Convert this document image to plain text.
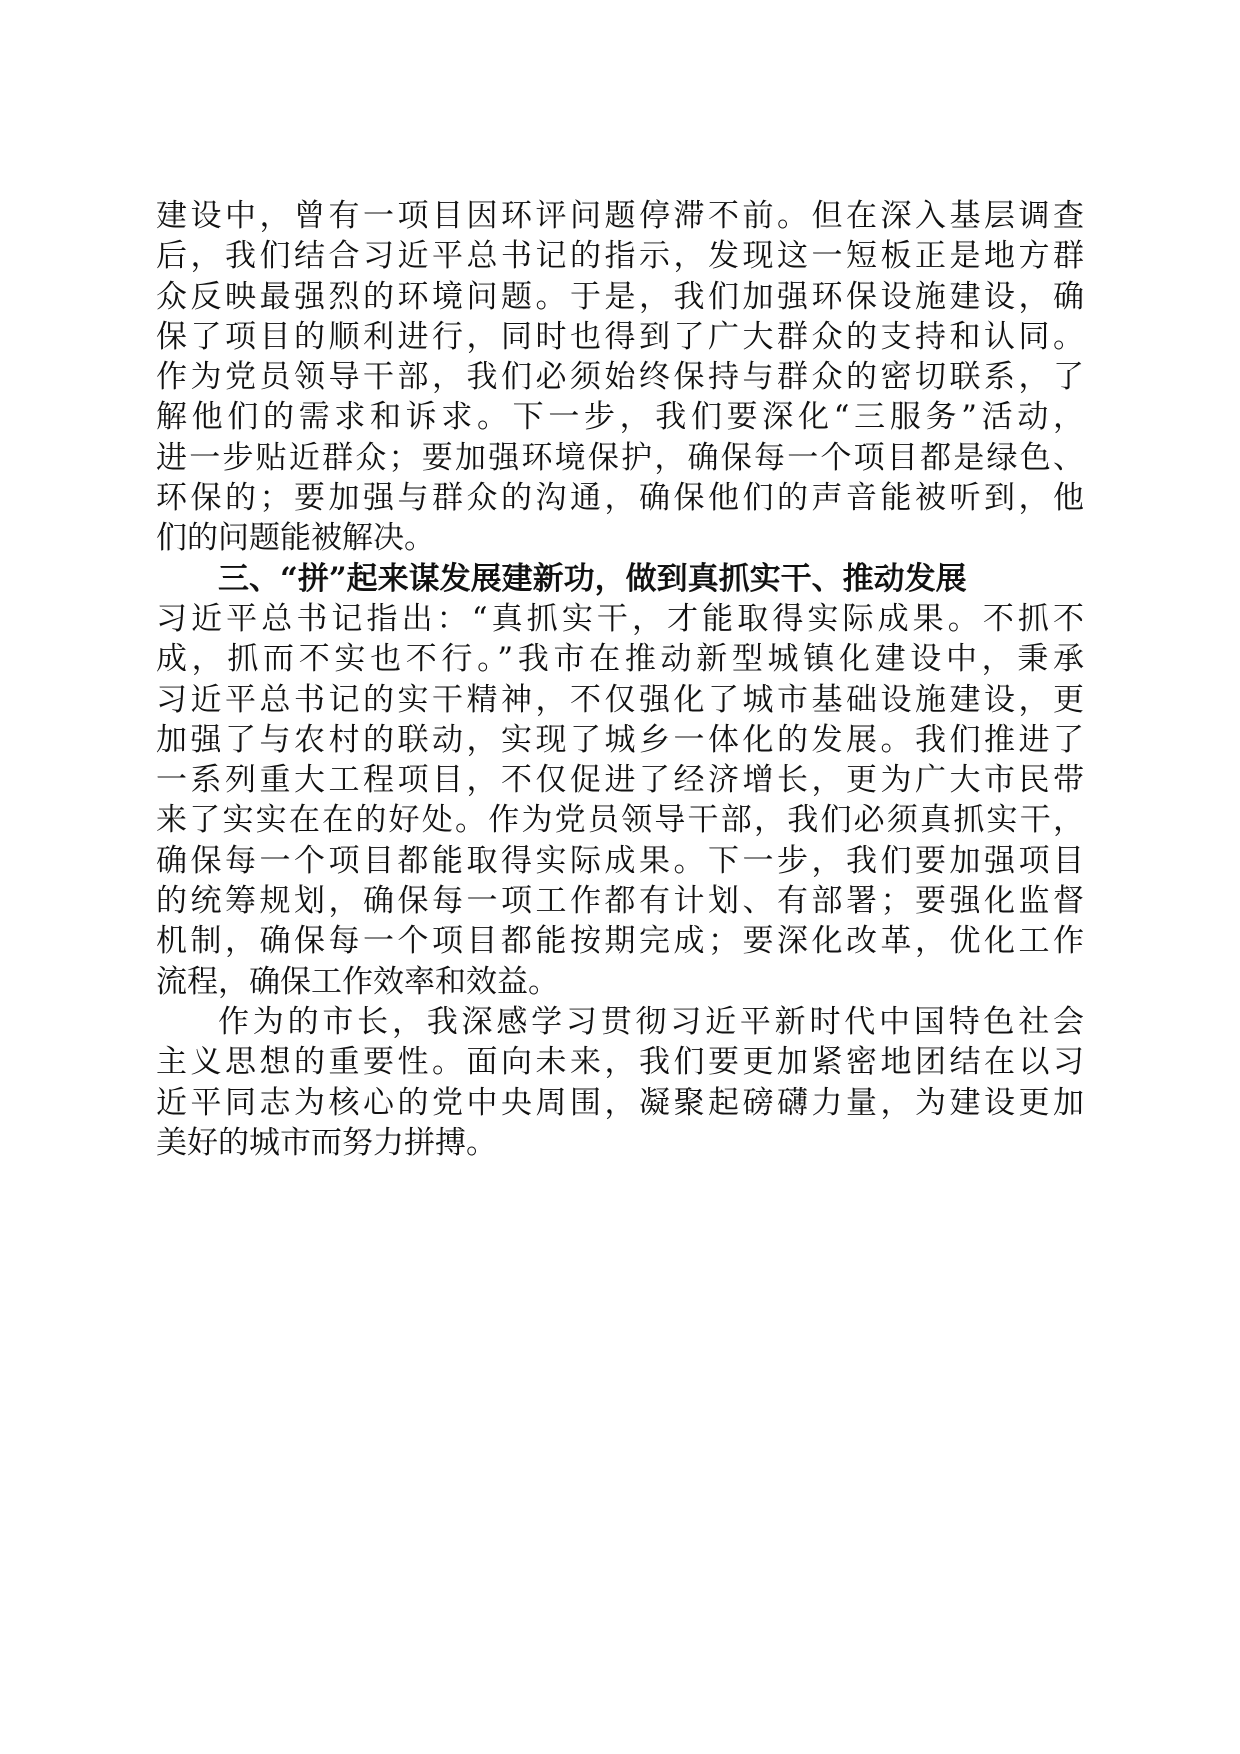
建设中，曾有一项目因环评问题停滞不前。但在深入基层调查
后，我们结合习近平总书记的指示，发现这一短板正是地方群
众反映最强烈的环境问题。于是，我们加强环保设施建设，确
保了项目的顺利进行，同时也得到了广大群众的支持和认同。
作为党员领导干部，我们必须始终保持与群众的密切联系，了
解他们的需求和诉求。下一步，我们要深化“三服务”活动，
进一步贴近群众；要加强环境保护，确保每一个项目都是绿色、
环保的；要加强与群众的沟通，确保他们的声音能被听到，他
们的问题能被解决。
三、“拼”起来谋发展建新功，做到真抓实干、推动发展
习近平总书记指出：“真抓实干，才能取得实际成果。不抓不
成，抓而不实也不行。”我市在推动新型城镇化建设中，秉承
习近平总书记的实干精神，不仅强化了城市基础设施建设，更
加强了与农村的联动，实现了城乡一体化的发展。我们推进了
一系列重大工程项目，不仅促进了经济增长，更为广大市民带
来了实实在在的好处。作为党员领导干部，我们必须真抓实干，
确保每一个项目都能取得实际成果。下一步，我们要加强项目
的统筹规划，确保每一项工作都有计划、有部署；要强化监督
机制，确保每一个项目都能按期完成；要深化改革，优化工作
流程，确保工作效率和效益。
作为的市长，我深感学习贯彻习近平新时代中国特色社会
主义思想的重要性。面向未来，我们要更加紧密地团结在以习
近平同志为核心的党中央周围，凝聚起磅礴力量，为建设更加
美好的城市而努力拼搏。
